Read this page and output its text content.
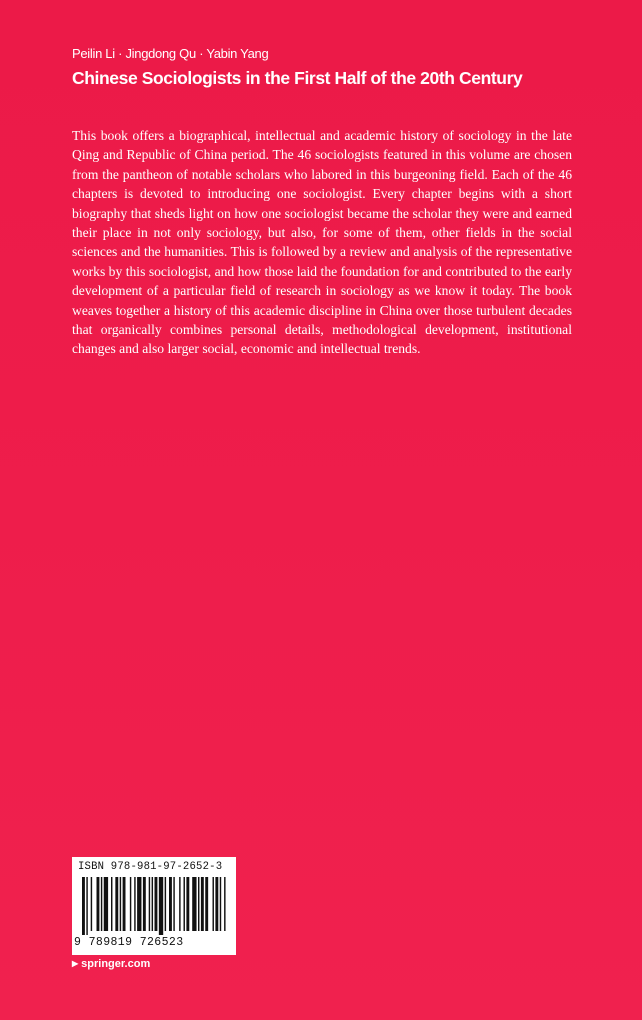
Peilin Li · Jingdong Qu · Yabin Yang
Chinese Sociologists in the First Half of the 20th Century
This book offers a biographical, intellectual and academic history of sociology in the late Qing and Republic of China period. The 46 sociologists featured in this volume are chosen from the pantheon of notable scholars who labored in this burgeoning field. Each of the 46 chapters is devoted to introducing one sociologist. Every chapter begins with a short biography that sheds light on how one sociologist became the scholar they were and earned their place in not only sociology, but also, for some of them, other fields in the social sciences and the humanities. This is followed by a review and analysis of the representative works by this sociologist, and how those laid the foundation for and contributed to the early development of a particular field of research in sociology as we know it today. The book weaves together a history of this academic discipline in China over those turbulent decades that organically combines personal details, methodological development, institutional changes and also larger social, economic and intellectual trends.
ISBN 978-981-97-2652-3
9 789819 726523
▶ springer.com
